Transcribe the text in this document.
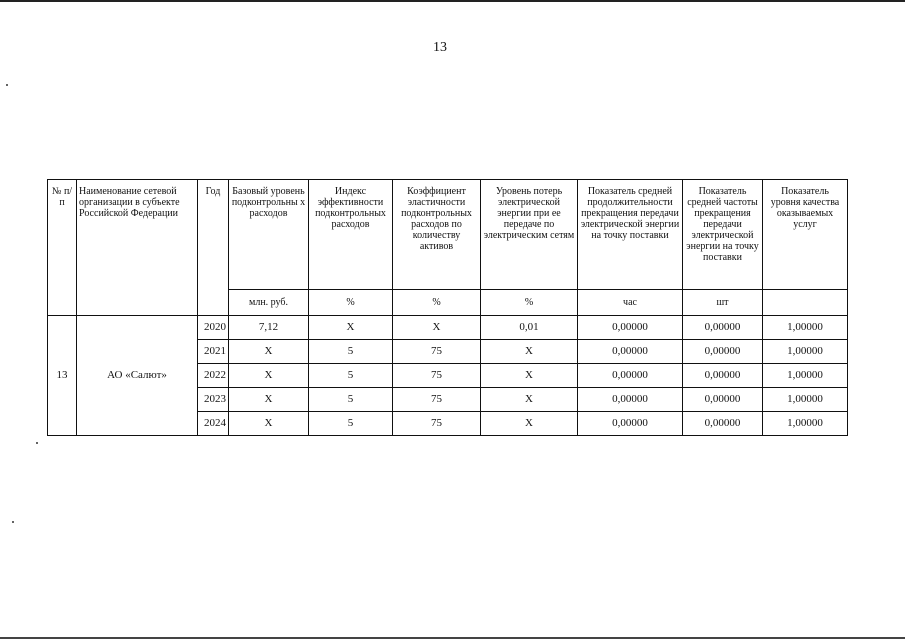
13
№ п/п	Наименование сетевой организации в субъекте Российской Федерации	Год	Базовый уровень подконтрольны х расходов	Индекс эффективности подконтрольных расходов	Коэффициент эластичности подконтрольных расходов по количеству активов	Уровень потерь электрической энергии при ее передаче по электрическим сетям	Показатель средней продолжительности прекращения передачи электрической энергии на точку поставки	Показатель средней частоты прекращения передачи электрической энергии на точку поставки	Показатель уровня качества оказываемых услуг
			млн. руб.	%	%	%	час	шт	
13	АО «Салют»	2020	7,12	Х	Х	0,01	0,00000	0,00000	1,00000
		2021	Х	5	75	Х	0,00000	0,00000	1,00000
		2022	Х	5	75	Х	0,00000	0,00000	1,00000
		2023	Х	5	75	Х	0,00000	0,00000	1,00000
		2024	Х	5	75	Х	0,00000	0,00000	1,00000
